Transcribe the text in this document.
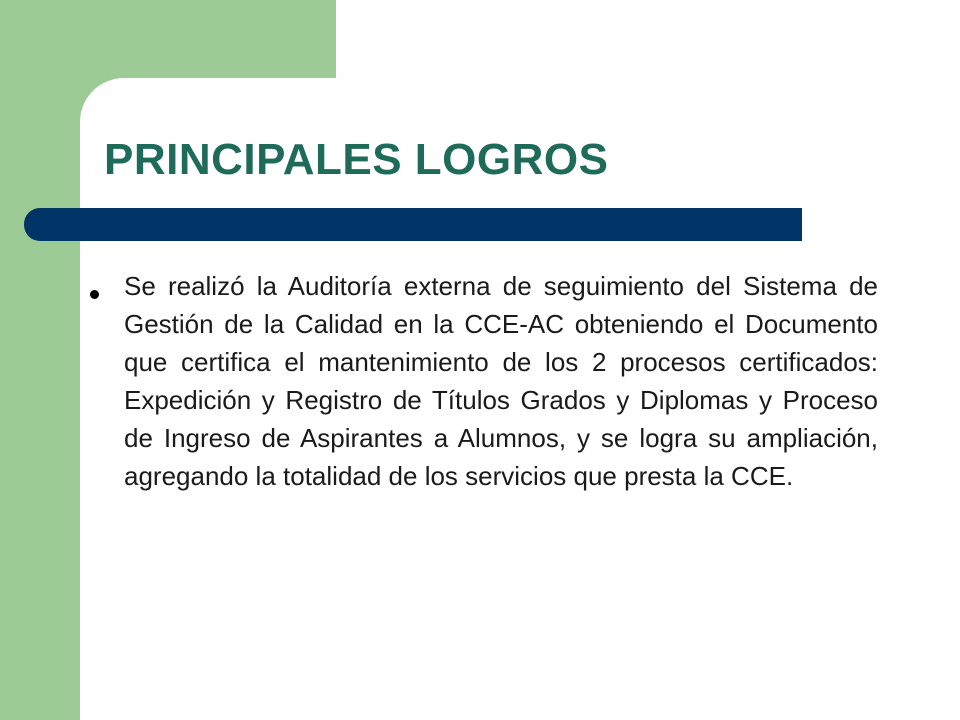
PRINCIPALES LOGROS

Se realizó la Auditoría externa de seguimiento del Sistema de Gestión de la Calidad en la CCE-AC obteniendo el Documento que certifica el mantenimiento de los 2 procesos certificados: Expedición y Registro de Títulos Grados y Diplomas y Proceso de Ingreso de Aspirantes a Alumnos, y se logra su ampliación, agregando la totalidad de los servicios que presta la CCE.
